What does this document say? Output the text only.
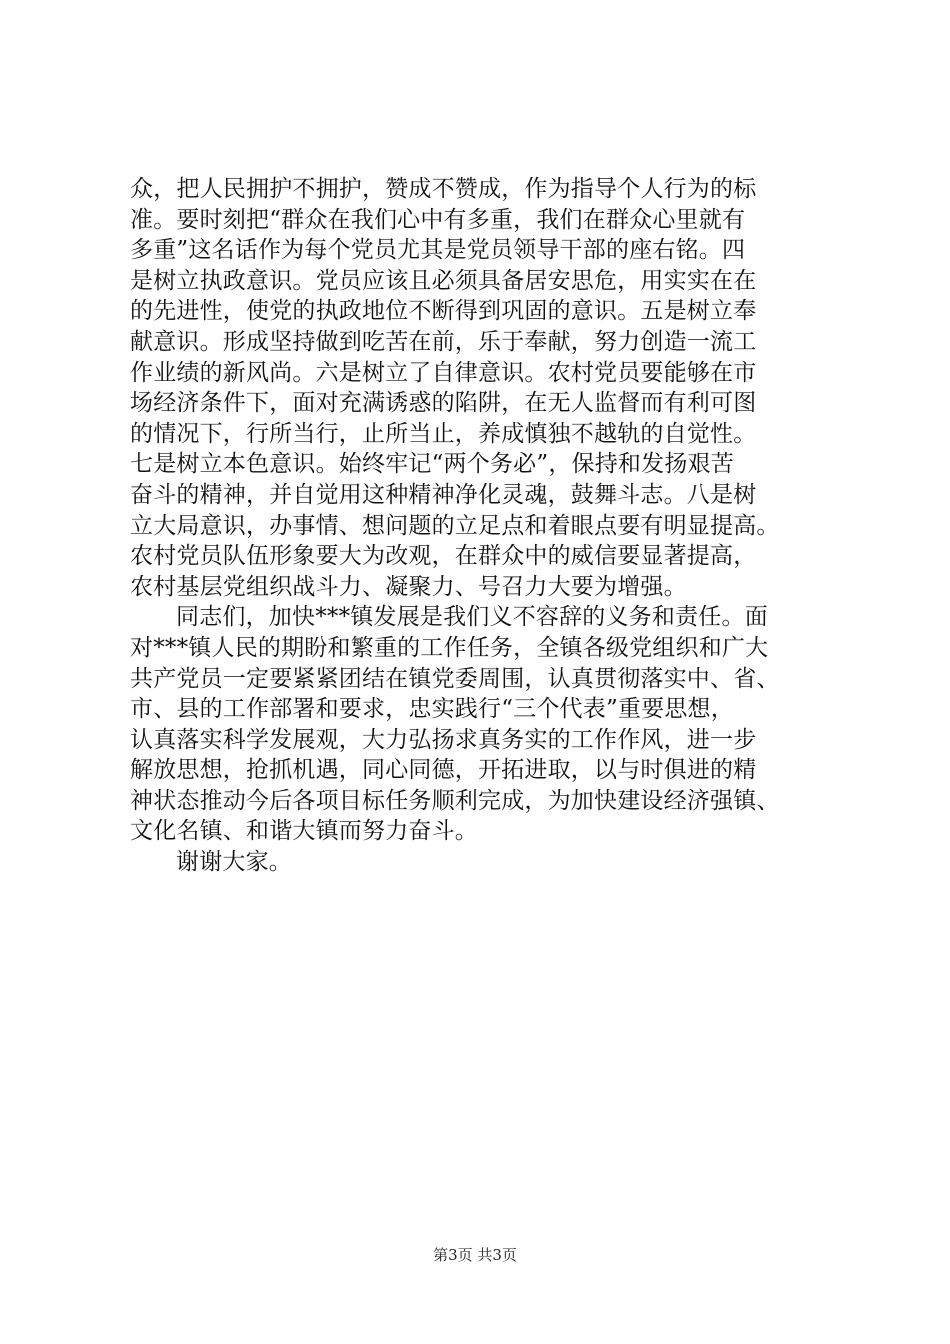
众，把人民拥护不拥护，赞成不赞成，作为指导个人行为的标
准。要时刻把“群众在我们心中有多重，我们在群众心里就有
多重”这名话作为每个党员尤其是党员领导干部的座右铭。四
是树立执政意识。党员应该且必须具备居安思危，用实实在在
的先进性，使党的执政地位不断得到巩固的意识。五是树立奉
献意识。形成坚持做到吃苦在前，乐于奉献，努力创造一流工
作业绩的新风尚。六是树立了自律意识。农村党员要能够在市
场经济条件下，面对充满诱惑的陷阱，在无人监督而有利可图
的情况下，行所当行，止所当止，养成慎独不越轨的自觉性。
七是树立本色意识。始终牢记“两个务必”，保持和发扬艰苦
奋斗的精神，并自觉用这种精神净化灵魂，鼓舞斗志。八是树
立大局意识，办事情、想问题的立足点和着眼点要有明显提高。
农村党员队伍形象要大为改观，在群众中的威信要显著提高，
农村基层党组织战斗力、凝聚力、号召力大要为增强。
同志们，加快***镇发展是我们义不容辞的义务和责任。面
对***镇人民的期盼和繁重的工作任务，全镇各级党组织和广大
共产党员一定要紧紧团结在镇党委周围，认真贯彻落实中、省、
市、县的工作部署和要求，忠实践行“三个代表”重要思想，
认真落实科学发展观，大力弘扬求真务实的工作作风，进一步
解放思想，抢抓机遇，同心同德，开拓进取，以与时俱进的精
神状态推动今后各项目标任务顺利完成，为加快建设经济强镇、
文化名镇、和谐大镇而努力奋斗。
谢谢大家。
第3页 共3页
